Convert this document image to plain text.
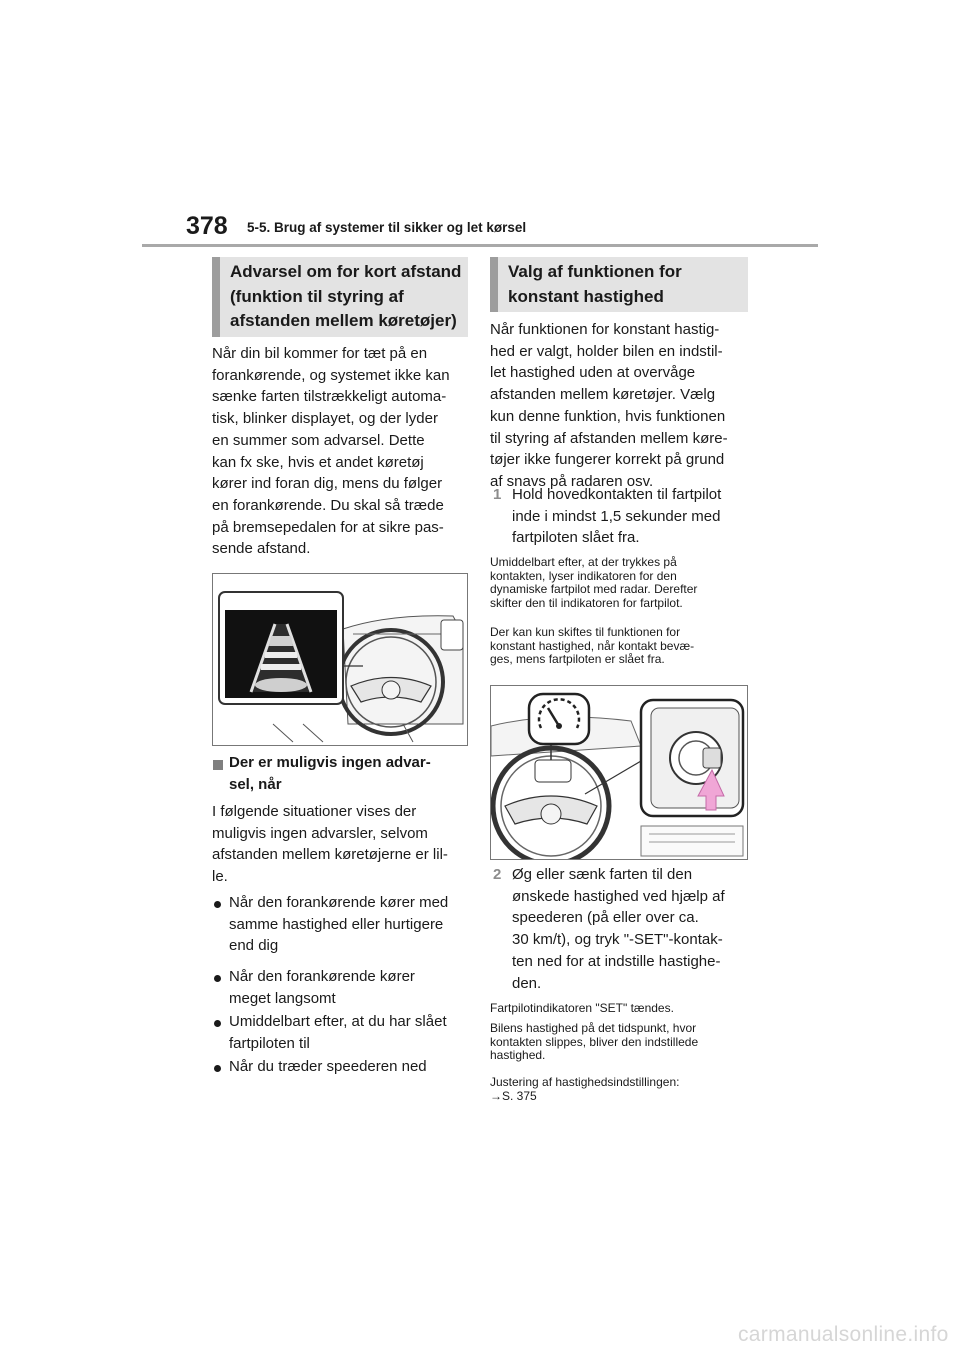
378 5-5. Brug af systemer til sikker og let kørsel
Advarsel om for kort afstand
(funktion til styring af
afstanden mellem køretøjer)
Når din bil kommer for tæt på en
forankørende, og systemet ikke kan
sænke farten tilstrækkeligt automa-
tisk, blinker displayet, og der lyder
en summer som advarsel. Dette
kan fx ske, hvis et andet køretøj
kører ind foran dig, mens du følger
en forankørende. Du skal så træde
på bremsepedalen for at sikre pas-
sende afstand.
Der er muligvis ingen advar-
sel, når
I følgende situationer vises der
muligvis ingen advarsler, selvom
afstanden mellem køretøjerne er lil-
le.
Når den forankørende kører med
samme hastighed eller hurtigere
end dig
Når den forankørende kører
meget langsomt
Umiddelbart efter, at du har slået
fartpiloten til
Når du træder speederen ned
Valg af funktionen for
konstant hastighed
Når funktionen for konstant hastig-
hed er valgt, holder bilen en indstil-
let hastighed uden at overvåge
afstanden mellem køretøjer. Vælg
kun denne funktion, hvis funktionen
til styring af afstanden mellem køre-
tøjer ikke fungerer korrekt på grund
af snavs på radaren osv.
1 Hold hovedkontakten til fartpilot
inde i mindst 1,5 sekunder med
fartpiloten slået fra.
Umiddelbart efter, at der trykkes på
kontakten, lyser indikatoren for den
dynamiske fartpilot med radar. Derefter
skifter den til indikatoren for fartpilot.
Der kan kun skiftes til funktionen for
konstant hastighed, når kontakt bevæ-
ges, mens fartpiloten er slået fra.
2 Øg eller sænk farten til den
ønskede hastighed ved hjælp af
speederen (på eller over ca.
30 km/t), og tryk "-SET"-kontak-
ten ned for at indstille hastighe-
den.
Fartpilotindikatoren "SET" tændes.
Bilens hastighed på det tidspunkt, hvor
kontakten slippes, bliver den indstillede
hastighed.
Justering af hastighedsindstillingen:
→S. 375
carmanualsonline.info
